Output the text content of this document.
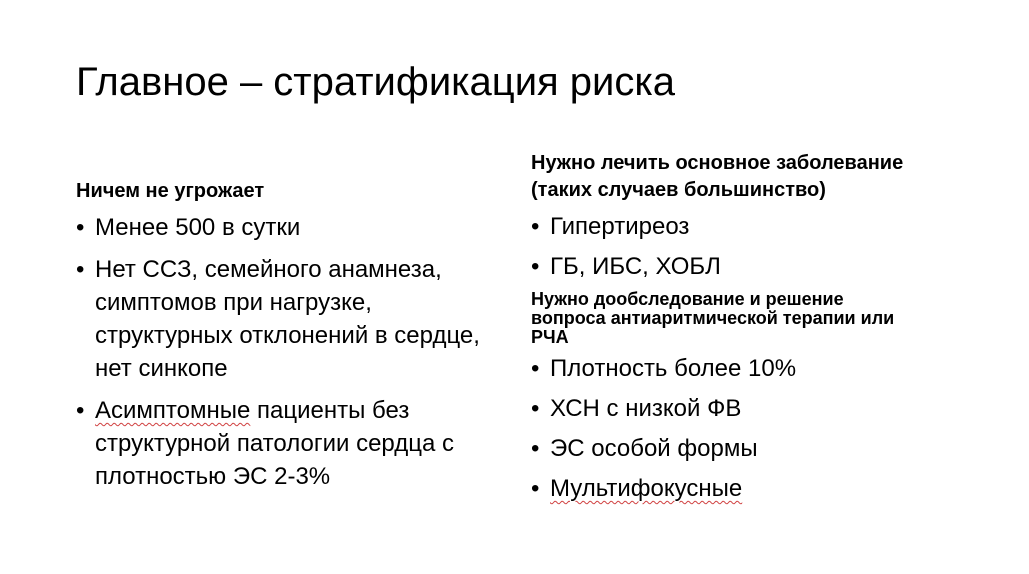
Главное – стратификация риска

Ничем не угрожает

• Менее 500 в сутки
• Нет ССЗ, семейного анамнеза, симптомов при нагрузке, структурных отклонений в сердце, нет синкопе
• Асимптомные пациенты без структурной патологии сердца с плотностью ЭС 2-3%

Нужно лечить основное заболевание
(таких случаев большинство)

• Гипертиреоз
• ГБ, ИБС, ХОБЛ

Нужно дообследование и решение
вопроса антиаритмической терапии или
РЧА

• Плотность более 10%
• ХСН с низкой ФВ
• ЭС особой формы
• Мультифокусные
